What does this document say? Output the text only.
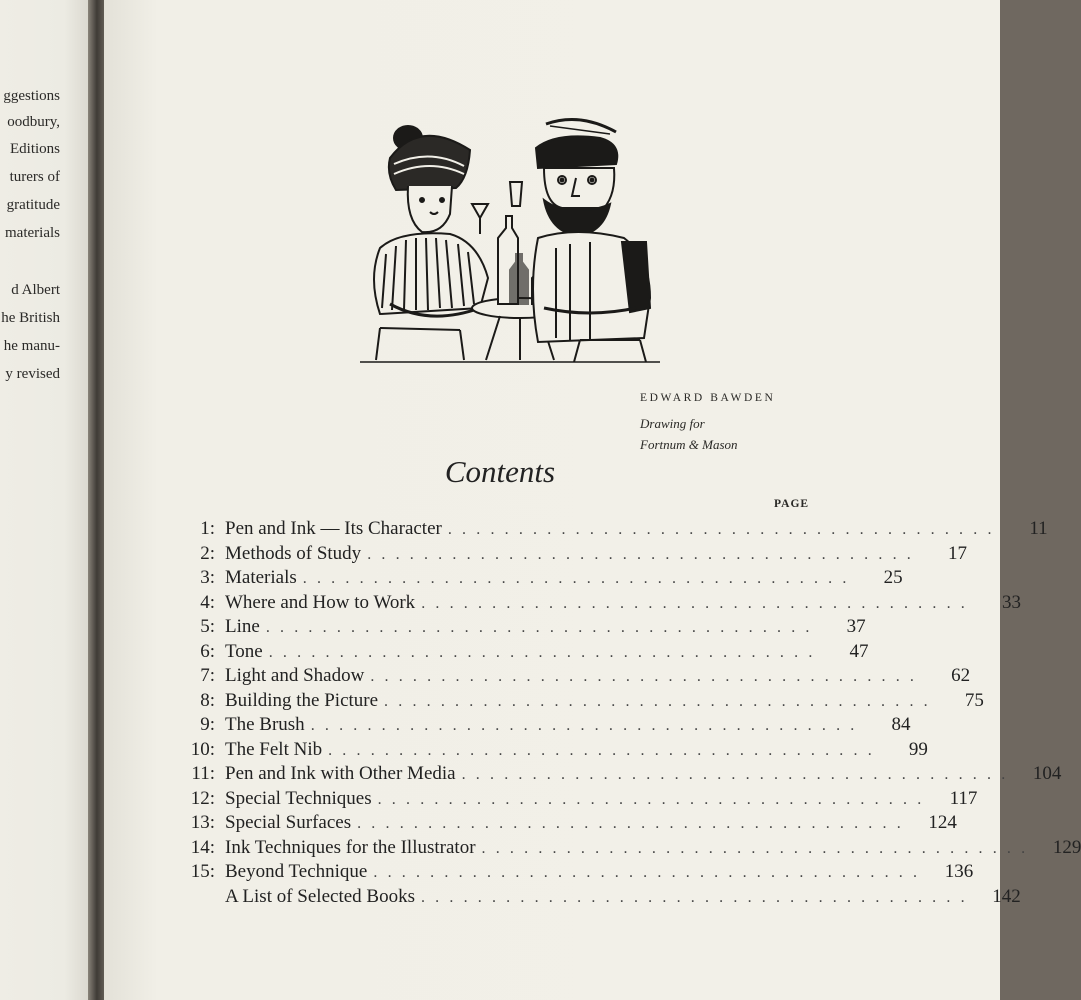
ggestions
oodbury,
Editions
turers of
gratitude
materials
d Albert
he British
he manu-
y revised
EDWARD BAWDEN
Drawing for
Fortnum & Mason
Contents
PAGE
1: Pen and Ink — Its Character .......................................	11
2: Methods of Study .......................................	17
3: Materials .......................................	25
4: Where and How to Work .......................................	33
5: Line .......................................	37
6: Tone .......................................	47
7: Light and Shadow .......................................	62
8: Building the Picture .......................................	75
9: The Brush .......................................	84
10: The Felt Nib .......................................	99
11: Pen and Ink with Other Media ....................................... 104
12: Special Techniques ....................................... 117
13: Special Surfaces ....................................... 124
14: Ink Techniques for the Illustrator ....................................... 129
15: Beyond Technique ....................................... 136
A List of Selected Books ....................................... 142
